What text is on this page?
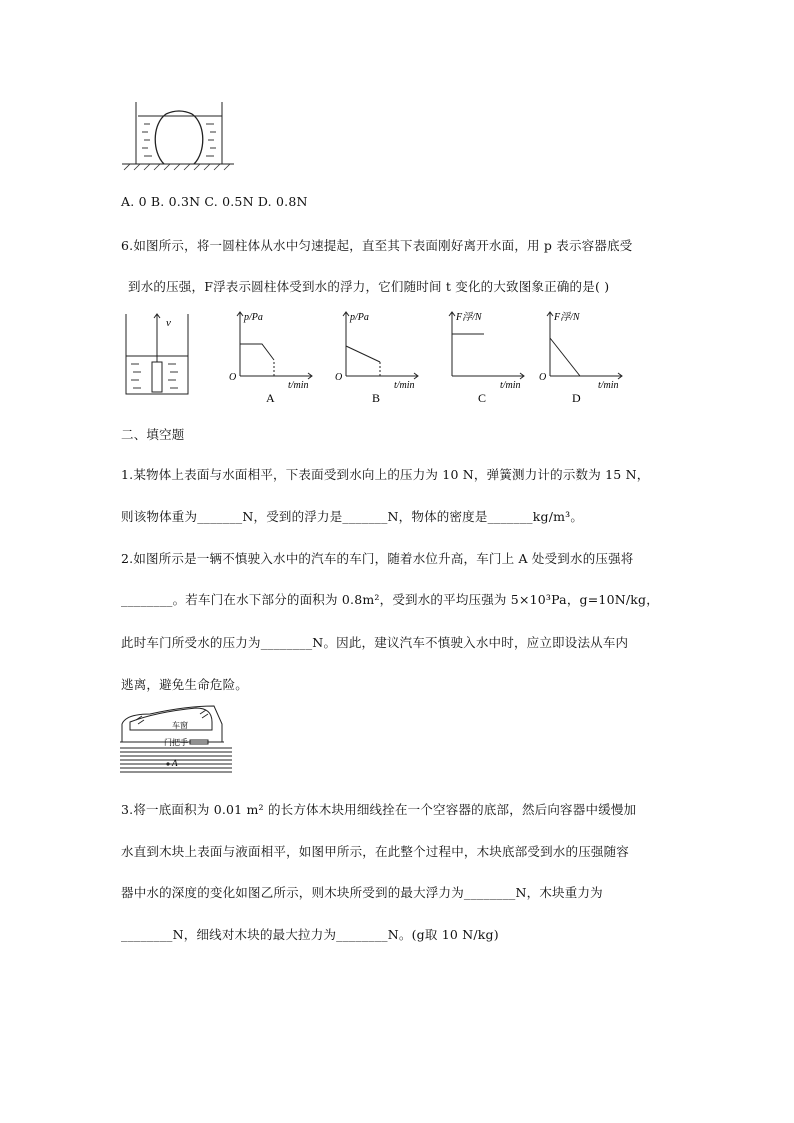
A. 0 B. 0.3N C. 0.5N D. 0.8N
6.如图所示，将一圆柱体从水中匀速提起，直至其下表面刚好离开水面，用 p 表示容器底受
到水的压强，F浮表示圆柱体受到水的浮力，它们随时间 t 变化的大致图象正确的是( )
v	p/Pa
O
t/min
A
p/Pa
O
t/min
B
F浮/N
t/min
C
F浮/N
O
t/min
D
二、填空题
1.某物体上表面与水面相平，下表面受到水向上的压力为 10 N，弹簧测力计的示数为 15 N，
则该物体重为_______N，受到的浮力是_______N，物体的密度是_______kg/m³。
2.如图所示是一辆不慎驶入水中的汽车的车门，随着水位升高，车门上 A 处受到水的压强将
________。若车门在水下部分的面积为 0.8m²，受到水的平均压强为 5×10³Pa，g=10N/kg，
此时车门所受水的压力为________N。因此，建议汽车不慎驶入水中时，应立即设法从车内
逃离，避免生命危险。
车窗
门把手
A
3.将一底面积为 0.01 m² 的长方体木块用细线拴在一个空容器的底部，然后向容器中缓慢加
水直到木块上表面与液面相平，如图甲所示，在此整个过程中，木块底部受到水的压强随容
器中水的深度的变化如图乙所示，则木块所受到的最大浮力为________N，木块重力为
________N，细线对木块的最大拉力为________N。(g取 10 N/kg)
